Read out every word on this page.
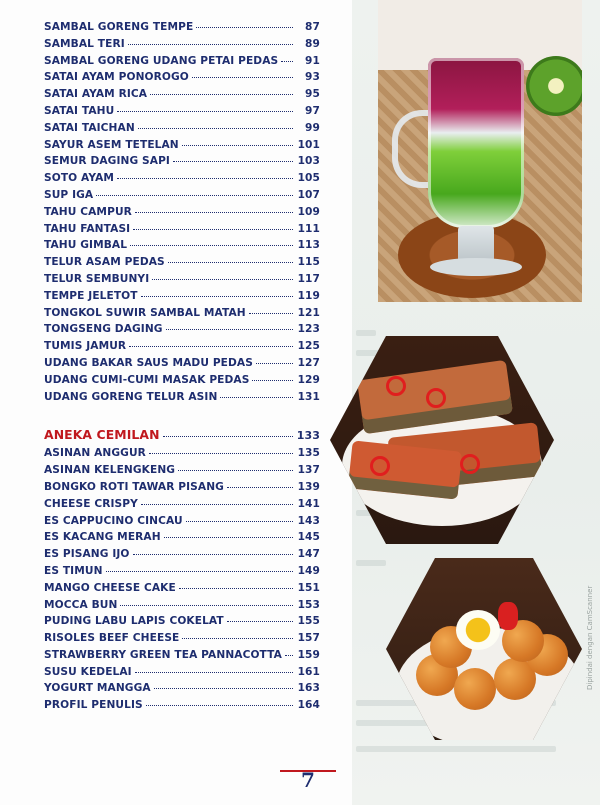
SAMBAL GORENG TEMPE	87
SAMBAL TERI	89
SAMBAL GORENG UDANG PETAI PEDAS	91
SATAI AYAM PONOROGO	93
SATAI AYAM RICA	95
SATAI TAHU	97
SATAI TAICHAN	99
SAYUR ASEM TETELAN	101
SEMUR DAGING SAPI	103
SOTO AYAM	105
SUP IGA	107
TAHU CAMPUR	109
TAHU FANTASI	111
TAHU GIMBAL	113
TELUR ASAM PEDAS	115
TELUR SEMBUNYI	117
TEMPE JELETOT	119
TONGKOL SUWIR SAMBAL MATAH	121
TONGSENG DAGING	123
TUMIS JAMUR	125
UDANG BAKAR SAUS MADU PEDAS	127
UDANG CUMI-CUMI MASAK PEDAS	129
UDANG GORENG TELUR ASIN	131
ANEKA CEMILAN	133
ASINAN ANGGUR	135
ASINAN KELENGKENG	137
BONGKO ROTI TAWAR PISANG	139
CHEESE CRISPY	141
ES CAPPUCINO CINCAU	143
ES KACANG MERAH	145
ES PISANG IJO	147
ES TIMUN	149
MANGO CHEESE CAKE	151
MOCCA BUN	153
PUDING LABU LAPIS COKELAT	155
RISOLES BEEF CHEESE	157
STRAWBERRY GREEN TEA PANNACOTTA 159
SUSU KEDELAI	161
YOGURT MANGGA	163
PROFIL PENULIS	164
7
Dipindai dengan CamScanner
